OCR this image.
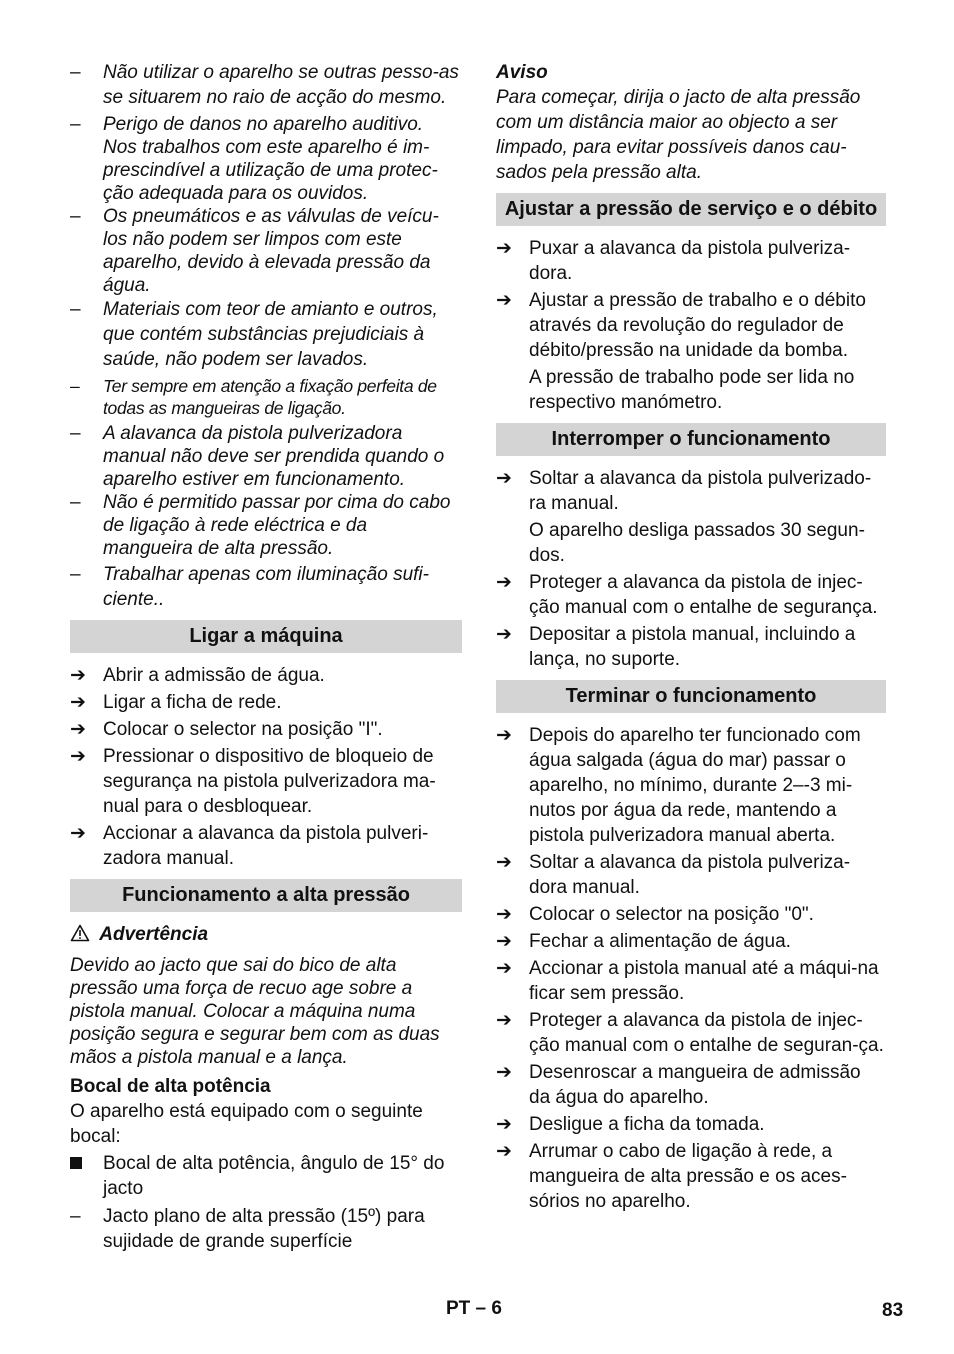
–	Não utilizar o aparelho se outras pesso-as se situarem no raio de acção do mesmo.
–	Perigo de danos no aparelho auditivo. Nos trabalhos com este aparelho é im-prescindível a utilização de uma protec-ção adequada para os ouvidos.
–	Os pneumáticos e as válvulas de veícu-los não podem ser limpos com este aparelho, devido à elevada pressão da água.
–	Materiais com teor de amianto e outros, que contém substâncias prejudiciais à saúde, não podem ser lavados.
–	Ter sempre em atenção a fixação perfeita de todas as mangueiras de ligação.
–	A alavanca da pistola pulverizadora manual não deve ser prendida quando o aparelho estiver em funcionamento.
–	Não é permitido passar por cima do cabo de ligação à rede eléctrica e da mangueira de alta pressão.
–	Trabalhar apenas com iluminação sufi-ciente..
Ligar a máquina
➔ Abrir a admissão de água.
➔ Ligar a ficha de rede.
➔ Colocar o selector na posição "I".
➔ Pressionar o dispositivo de bloqueio de segurança na pistola pulverizadora ma-nual para o desbloquear.
➔ Accionar a alavanca da pistola pulveri-zadora manual.
Funcionamento a alta pressão
Advertência
Devido ao jacto que sai do bico de alta pressão uma força de recuo age sobre a pistola manual. Colocar a máquina numa posição segura e segurar bem com as duas mãos a pistola manual e a lança.
Bocal de alta potência
O aparelho está equipado com o seguinte bocal:
Bocal de alta potência, ângulo de 15° do jacto
–	Jacto plano de alta pressão (15º) para sujidade de grande superfície
Aviso
Para começar, dirija o jacto de alta pressão com um distância maior ao objecto a ser limpado, para evitar possíveis danos cau-sados pela pressão alta.
Ajustar a pressão de serviço e o débito
➔ Puxar a alavanca da pistola pulveriza-dora.
➔ Ajustar a pressão de trabalho e o débito através da revolução do regulador de débito/pressão na unidade da bomba.
A pressão de trabalho pode ser lida no respectivo manómetro.
Interromper o funcionamento
➔ Soltar a alavanca da pistola pulverizado-ra manual.
O aparelho desliga passados 30 segun-dos.
➔ Proteger a alavanca da pistola de injec-ção manual com o entalhe de segurança.
➔ Depositar a pistola manual, incluindo a lança, no suporte.
Terminar o funcionamento
➔ Depois do aparelho ter funcionado com água salgada (água do mar) passar o aparelho, no mínimo, durante 2–-3 mi-nutos por água da rede, mantendo a pistola pulverizadora manual aberta.
➔ Soltar a alavanca da pistola pulveriza-dora manual.
➔ Colocar o selector na posição "0".
➔ Fechar a alimentação de água.
➔ Accionar a pistola manual até a máqui-na ficar sem pressão.
➔ Proteger a alavanca da pistola de injec-ção manual com o entalhe de seguran-ça.
➔ Desenroscar a mangueira de admissão da água do aparelho.
➔ Desligue a ficha da tomada.
➔ Arrumar o cabo de ligação à rede, a mangueira de alta pressão e os aces-sórios no aparelho.
PT – 6	83
